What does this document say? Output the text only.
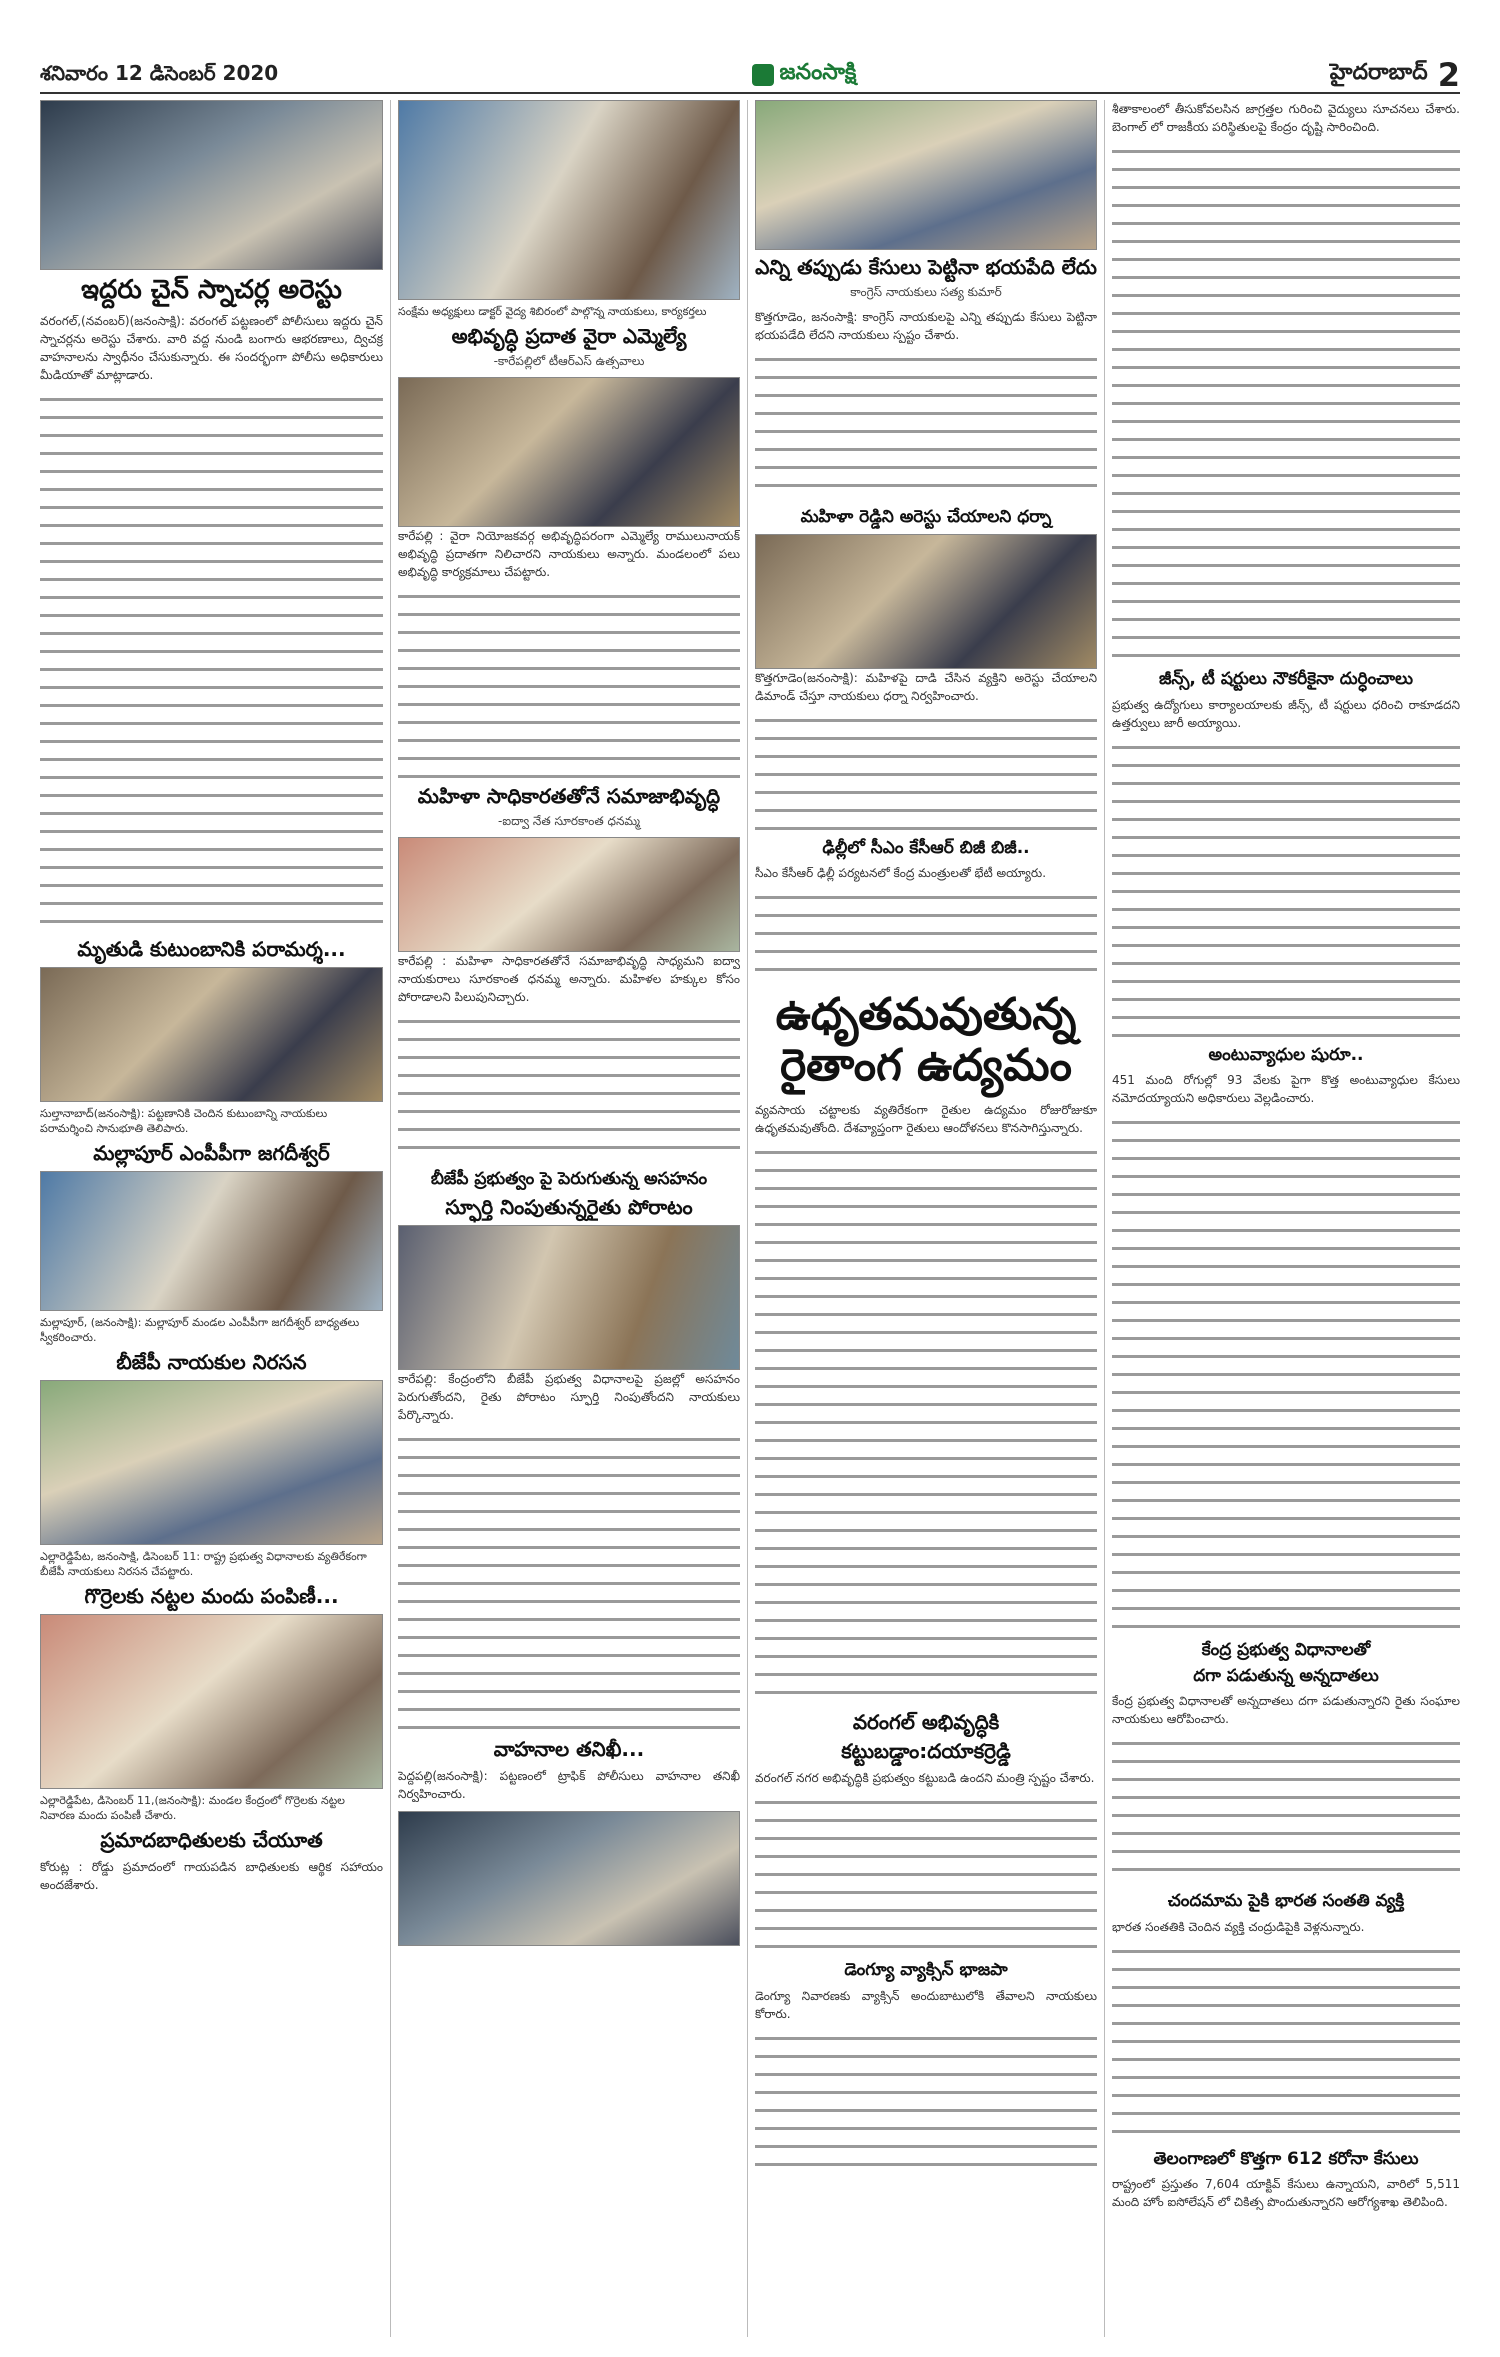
శనివారం 12 డిసెంబర్ 2020	జనంసాక్షి	హైదరాబాద్ 2
ఇద్దరు చైన్ స్నాచర్ల అరెస్టు

వరంగల్,(నవంబర్)(జనంసాక్షి): వరంగల్ పట్టణంలో పోలీసులు ఇద్దరు చైన్ స్నాచర్లను అరెస్టు చేశారు. వారి వద్ద నుండి బంగారు ఆభరణాలు, ద్విచక్ర వాహనాలను స్వాధీనం చేసుకున్నారు. ఈ సందర్భంగా పోలీసు అధికారులు మీడియాతో మాట్లాడారు.

మృతుడి కుటుంబానికి పరామర్శ...

సుల్తానాబాద్(జనంసాక్షి): పట్టణానికి చెందిన కుటుంబాన్ని నాయకులు పరామర్శించి సానుభూతి తెలిపారు.

మల్లాపూర్ ఎంపీపీగా జగదీశ్వర్

మల్లాపూర్, (జనంసాక్షి): మల్లాపూర్ మండల ఎంపీపీగా జగదీశ్వర్ బాధ్యతలు స్వీకరించారు.

బీజేపీ నాయకుల నిరసన

ఎల్లారెడ్డిపేట, జనంసాక్షి, డిసెంబర్ 11: రాష్ట్ర ప్రభుత్వ విధానాలకు వ్యతిరేకంగా బీజేపీ నాయకులు నిరసన చేపట్టారు.

గొర్రెలకు నట్టల మందు పంపిణీ...

ఎల్లారెడ్డిపేట, డిసెంబర్ 11,(జనంసాక్షి): మండల కేంద్రంలో గొర్రెలకు నట్టల నివారణ మందు పంపిణీ చేశారు.

ప్రమాదబాధితులకు చేయూత

కోరుట్ల : రోడ్డు ప్రమాదంలో గాయపడిన బాధితులకు ఆర్థిక సహాయం అందజేశారు.

సంక్షేమ అధ్యక్షులు డాక్టర్ వైద్య శిబిరంలో పాల్గొన్న నాయకులు, కార్యకర్తలు

అభివృద్ధి ప్రదాత వైరా ఎమ్మెల్యే

-కారేపల్లిలో టీఆర్ఎస్ ఉత్సవాలు

కారేపల్లి : వైరా నియోజకవర్గ అభివృద్ధిపరంగా ఎమ్మెల్యే రాములునాయక్ అభివృద్ధి ప్రదాతగా నిలిచారని నాయకులు అన్నారు. మండలంలో పలు అభివృద్ధి కార్యక్రమాలు చేపట్టారు.

మహిళా సాధికారతతోనే సమాజాభివృద్ధి

-ఐద్వా నేత సూరకాంత ధనమ్మ

కారేపల్లి : మహిళా సాధికారతతోనే సమాజాభివృద్ధి సాధ్యమని ఐద్వా నాయకురాలు సూరకాంత ధనమ్మ అన్నారు. మహిళల హక్కుల కోసం పోరాడాలని పిలుపునిచ్చారు.

బీజేపీ ప్రభుత్వం పై పెరుగుతున్న అసహనం
స్ఫూర్తి నింపుతున్నరైతు పోరాటం

కారేపల్లి: కేంద్రంలోని బీజేపీ ప్రభుత్వ విధానాలపై ప్రజల్లో అసహనం పెరుగుతోందని, రైతు పోరాటం స్ఫూర్తి నింపుతోందని నాయకులు పేర్కొన్నారు.

వాహనాల తనిఖీ...

పెద్దపల్లి(జనంసాక్షి): పట్టణంలో ట్రాఫిక్ పోలీసులు వాహనాల తనిఖీ నిర్వహించారు.

ఎన్ని తప్పుడు కేసులు పెట్టినా భయపేది లేదు

కాంగ్రెస్ నాయకులు సత్య కుమార్

కొత్తగూడెం, జనంసాక్షి: కాంగ్రెస్ నాయకులపై ఎన్ని తప్పుడు కేసులు పెట్టినా భయపడేది లేదని నాయకులు స్పష్టం చేశారు.

మహిళా రెడ్డిని అరెస్టు చేయాలని ధర్నా

కొత్తగూడెం(జనంసాక్షి): మహిళపై దాడి చేసిన వ్యక్తిని అరెస్టు చేయాలని డిమాండ్ చేస్తూ నాయకులు ధర్నా నిర్వహించారు.

ఢిల్లీలో సీఎం కేసీఆర్ బిజీ బిజీ..

సీఎం కేసీఆర్ ఢిల్లీ పర్యటనలో కేంద్ర మంత్రులతో భేటీ అయ్యారు.

ఉధృతమవుతున్న
రైతాంగ ఉద్యమం

వ్యవసాయ చట్టాలకు వ్యతిరేకంగా రైతుల ఉద్యమం రోజురోజుకూ ఉధృతమవుతోంది. దేశవ్యాప్తంగా రైతులు ఆందోళనలు కొనసాగిస్తున్నారు.

వరంగల్ అభివృద్ధికి
కట్టుబడ్డాం:దయాకర్రెడ్డి

వరంగల్ నగర అభివృద్ధికి ప్రభుత్వం కట్టుబడి ఉందని మంత్రి స్పష్టం చేశారు.

డెంగ్యూ వ్యాక్సిన్ భాజపా

డెంగ్యూ నివారణకు వ్యాక్సిన్ అందుబాటులోకి తేవాలని నాయకులు కోరారు.

శీతాకాలంలో తీసుకోవలసిన జాగ్రత్తల గురించి వైద్యులు సూచనలు చేశారు. బెంగాల్ లో రాజకీయ పరిస్థితులపై కేంద్రం దృష్టి సారించింది.

జీన్స్, టీ షర్టులు నౌకరీకైనా దుర్ధించాలు

ప్రభుత్వ ఉద్యోగులు కార్యాలయాలకు జీన్స్, టీ షర్టులు ధరించి రాకూడదని ఉత్తర్వులు జారీ అయ్యాయి.

అంటువ్యాధుల షురూ..

451 మంది రోగుల్లో 93 వేలకు పైగా కొత్త అంటువ్యాధుల కేసులు నమోదయ్యాయని అధికారులు వెల్లడించారు.

కేంద్ర ప్రభుత్వ విధానాలతో
దగా పడుతున్న అన్నదాతలు

కేంద్ర ప్రభుత్వ విధానాలతో అన్నదాతలు దగా పడుతున్నారని రైతు సంఘాల నాయకులు ఆరోపించారు.

చందమామ పైకి భారత సంతతి వ్యక్తి

భారత సంతతికి చెందిన వ్యక్తి చంద్రుడిపైకి వెళ్లనున్నారు.

తెలంగాణలో కొత్తగా 612 కరోనా కేసులు

రాష్ట్రంలో ప్రస్తుతం 7,604 యాక్టివ్ కేసులు ఉన్నాయని, వారిలో 5,511 మంది హోం ఐసోలేషన్ లో చికిత్స పొందుతున్నారని ఆరోగ్యశాఖ తెలిపింది.
